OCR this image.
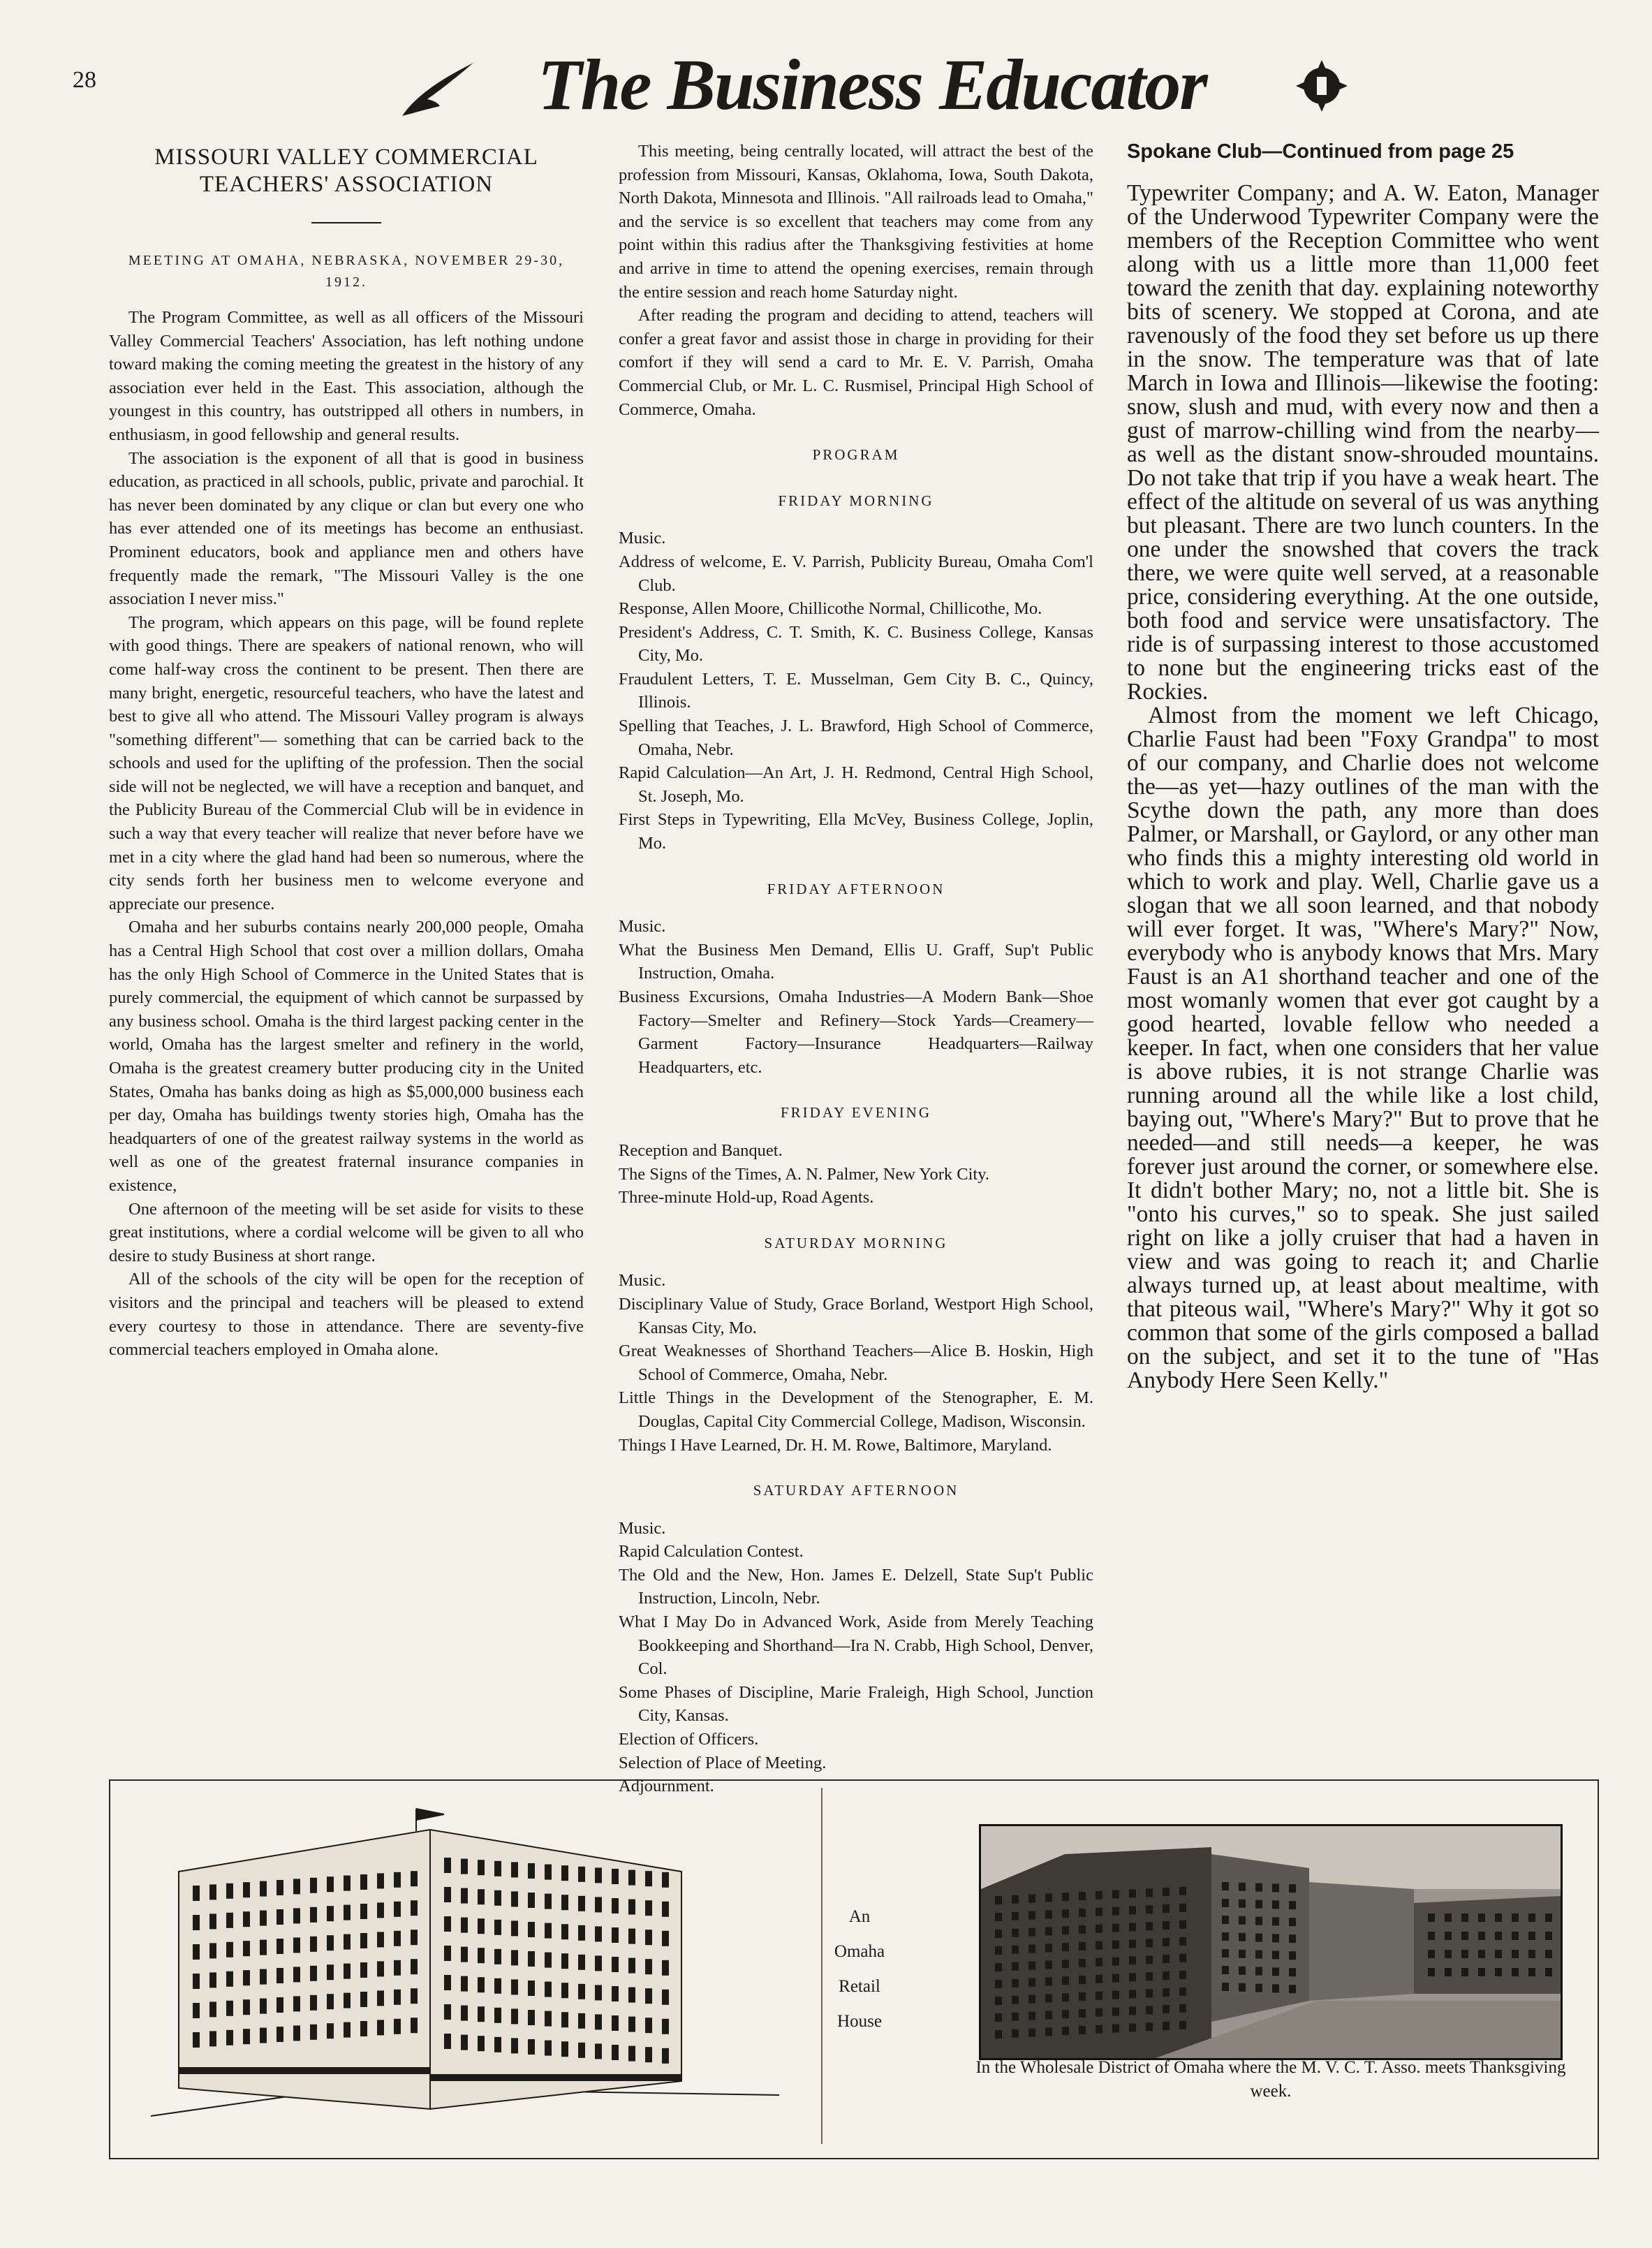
28	The Business Educator
MISSOURI VALLEY COMMERCIAL TEACHERS' ASSOCIATION
MEETING AT OMAHA, NEBRASKA, NOVEMBER 29-30, 1912.

The Program Committee, as well as all officers of the Missouri Valley Commercial Teachers' Association, has left nothing undone toward making the coming meeting the greatest in the history of any association ever held in the East. This association, although the youngest in this country, has outstripped all others in numbers, in enthusiasm, in good fellowship and general results.

The association is the exponent of all that is good in business education, as practiced in all schools, public, private and parochial. It has never been dominated by any clique or clan but every one who has ever attended one of its meetings has become an enthusiast. Prominent educators, book and appliance men and others have frequently made the remark, "The Missouri Valley is the one association I never miss."

The program, which appears on this page, will be found replete with good things. There are speakers of national renown, who will come half-way cross the continent to be present. Then there are many bright, energetic, resourceful teachers, who have the latest and best to give all who attend. The Missouri Valley program is always "something different"— something that can be carried back to the schools and used for the uplifting of the profession. Then the social side will not be neglected, we will have a reception and banquet, and the Publicity Bureau of the Commercial Club will be in evidence in such a way that every teacher will realize that never before have we met in a city where the glad hand had been so numerous, where the city sends forth her business men to welcome everyone and appreciate our presence.

Omaha and her suburbs contains nearly 200,000 people, Omaha has a Central High School that cost over a million dollars, Omaha has the only High School of Commerce in the United States that is purely commercial, the equipment of which cannot be surpassed by any business school. Omaha is the third largest packing center in the world, Omaha has the largest smelter and refinery in the world, Omaha is the greatest creamery butter producing city in the United States, Omaha has banks doing as high as $5,000,000 business each per day, Omaha has buildings twenty stories high, Omaha has the headquarters of one of the greatest railway systems in the world as well as one of the greatest fraternal insurance companies in existence,

One afternoon of the meeting will be set aside for visits to these great institutions, where a cordial welcome will be given to all who desire to study Business at short range.

All of the schools of the city will be open for the reception of visitors and the principal and teachers will be pleased to extend every courtesy to those in attendance. There are seventy-five commercial teachers employed in Omaha alone.

This meeting, being centrally located, will attract the best of the profession from Missouri, Kansas, Oklahoma, Iowa, South Dakota, North Dakota, Minnesota and Illinois. "All railroads lead to Omaha," and the service is so excellent that teachers may come from any point within this radius after the Thanksgiving festivities at home and arrive in time to attend the opening exercises, remain through the entire session and reach home Saturday night.

After reading the program and deciding to attend, teachers will confer a great favor and assist those in charge in providing for their comfort if they will send a card to Mr. E. V. Parrish, Omaha Commercial Club, or Mr. L. C. Rusmisel, Principal High School of Commerce, Omaha.

PROGRAM
FRIDAY MORNING
Music.
Address of welcome, E. V. Parrish, Publicity Bureau, Omaha Com'l Club.
Response, Allen Moore, Chillicothe Normal, Chillicothe, Mo.
President's Address, C. T. Smith, K. C. Business College, Kansas City, Mo.
Fraudulent Letters, T. E. Musselman, Gem City B. C., Quincy, Illinois.
Spelling that Teaches, J. L. Brawford, High School of Commerce, Omaha, Nebr.
Rapid Calculation—An Art, J. H. Redmond, Central High School, St. Joseph, Mo.
First Steps in Typewriting, Ella McVey, Business College, Joplin, Mo.
FRIDAY AFTERNOON
Music.
What the Business Men Demand, Ellis U. Graff, Sup't Public Instruction, Omaha.
Business Excursions, Omaha Industries—A Modern Bank—Shoe Factory—Smelter and Refinery—Stock Yards—Creamery—Garment Factory—Insurance Headquarters—Railway Headquarters, etc.
FRIDAY EVENING
Reception and Banquet.
The Signs of the Times, A. N. Palmer, New York City.
Three-minute Hold-up, Road Agents.
SATURDAY MORNING
Music.
Disciplinary Value of Study, Grace Borland, Westport High School, Kansas City, Mo.
Great Weaknesses of Shorthand Teachers—Alice B. Hoskin, High School of Commerce, Omaha, Nebr.
Little Things in the Development of the Stenographer, E. M. Douglas, Capital City Commercial College, Madison, Wisconsin.
Things I Have Learned, Dr. H. M. Rowe, Baltimore, Maryland.
SATURDAY AFTERNOON
Music.
Rapid Calculation Contest.
The Old and the New, Hon. James E. Delzell, State Sup't Public Instruction, Lincoln, Nebr.
What I May Do in Advanced Work, Aside from Merely Teaching Bookkeeping and Shorthand—Ira N. Crabb, High School, Denver, Col.
Some Phases of Discipline, Marie Fraleigh, High School, Junction City, Kansas.
Election of Officers.
Selection of Place of Meeting.
Adjournment.
Spokane Club—Continued from page 25

Typewriter Company; and A. W. Eaton, Manager of the Underwood Typewriter Company were the members of the Reception Committee who went along with us a little more than 11,000 feet toward the zenith that day. explaining noteworthy bits of scenery. We stopped at Corona, and ate ravenously of the food they set before us up there in the snow. The temperature was that of late March in Iowa and Illinois—likewise the footing: snow, slush and mud, with every now and then a gust of marrow-chilling wind from the nearby—as well as the distant snow-shrouded mountains. Do not take that trip if you have a weak heart. The effect of the altitude on several of us was anything but pleasant. There are two lunch counters. In the one under the snowshed that covers the track there, we were quite well served, at a reasonable price, considering everything. At the one outside, both food and service were unsatisfactory. The ride is of surpassing interest to those accustomed to none but the engineering tricks east of the Rockies.

Almost from the moment we left Chicago, Charlie Faust had been "Foxy Grandpa" to most of our company, and Charlie does not welcome the—as yet—hazy outlines of the man with the Scythe down the path, any more than does Palmer, or Marshall, or Gaylord, or any other man who finds this a mighty interesting old world in which to work and play. Well, Charlie gave us a slogan that we all soon learned, and that nobody will ever forget. It was, "Where's Mary?" Now, everybody who is anybody knows that Mrs. Mary Faust is an A1 shorthand teacher and one of the most womanly women that ever got caught by a good hearted, lovable fellow who needed a keeper. In fact, when one considers that her value is above rubies, it is not strange Charlie was running around all the while like a lost child, baying out, "Where's Mary?" But to prove that he needed—and still needs—a keeper, he was forever just around the corner, or somewhere else. It didn't bother Mary; no, not a little bit. She is "onto his curves," so to speak. She just sailed right on like a jolly cruiser that had a haven in view and was going to reach it; and Charlie always turned up, at least about mealtime, with that piteous wail, "Where's Mary?" Why it got so common that some of the girls composed a ballad on the subject, and set it to the tune of "Has Anybody Here Seen Kelly."

An
Omaha
Retail
House
In the Wholesale District of Omaha where the M. V. C. T. Asso. meets Thanksgiving week.
